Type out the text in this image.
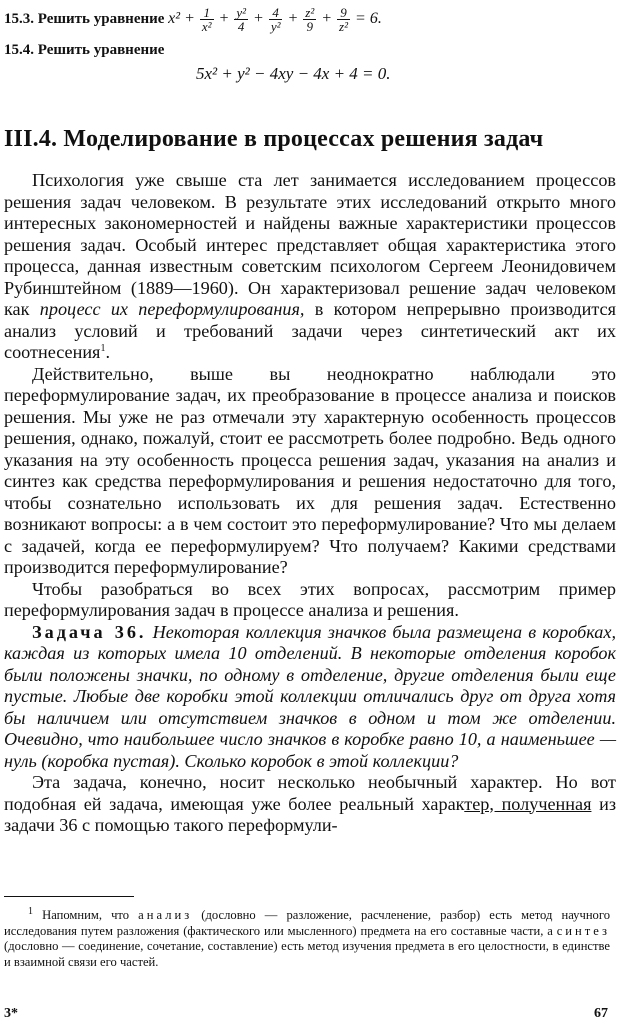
15.3. Решить уравнение $x^2 + \frac{1}{\text{x²}} + \frac{\text{y²}}{4} + \frac{4}{\text{y²}} + \frac{\text{z²}}{9} + \frac{9}{\text{z²}} = 6$.
15.4. Решить уравнение
5x² + y² − 4xy − 4x + 4 = 0.
III.4. Моделирование в процессах решения задач

Психология уже свыше ста лет занимается исследованием процессов решения задач человеком. В результате этих исследований открыто много интересных закономерностей и найдены важные характеристики процессов решения задач. Особый интерес представляет общая характеристика этого процесса, данная известным советским психологом Сергеем Леонидовичем Рубинштейном (1889—1960). Он характеризовал решение задач человеком как процесс их переформулирования, в котором непрерывно производится анализ условий и требований задачи через синтетический акт их соотнесения$^1$.

Действительно, выше вы неоднократно наблюдали это переформулирование задач, их преобразование в процессе анализа и поисков решения. Мы уже не раз отмечали эту характерную особенность процессов решения, однако, пожалуй, стоит ее рассмотреть более подробно. Ведь одного указания на эту особенность процесса решения задач, указания на анализ и синтез как средства переформулирования и решения недостаточно для того, чтобы сознательно использовать их для решения задач. Естественно возникают вопросы: а в чем состоит это переформулирование? Что мы делаем с задачей, когда ее переформулируем? Что получаем? Какими средствами производится переформулирование?

Чтобы разобраться во всех этих вопросах, рассмотрим пример переформулирования задач в процессе анализа и решения.

Задача 36. Некоторая коллекция значков была размещена в коробках, каждая из которых имела 10 отделений. В некоторые отделения коробок были положены значки, по одному в отделение, другие отделения были еще пустые. Любые две коробки этой коллекции отличались друг от друга хотя бы наличием или отсутствием значков в одном и том же отделении. Очевидно, что наибольшее число значков в коробке равно 10, а наименьшее — нуль (коробка пустая). Сколько коробок в этой коллекции?

Эта задача, конечно, носит несколько необычный характер. Но вот подобная ей задача, имеющая уже более реальный характер, полученная из задачи 36 с помощью такого переформули-

$^1$ Напомним, что анализ (дословно — разложение, расчленение, разбор) есть метод научного исследования путем разложения (фактического или мысленного) предмета на его составные части, а синтез (дословно — соединение, сочетание, составление) есть метод изучения предмета в его целостности, в единстве и взаимной связи его частей.

3*	67
